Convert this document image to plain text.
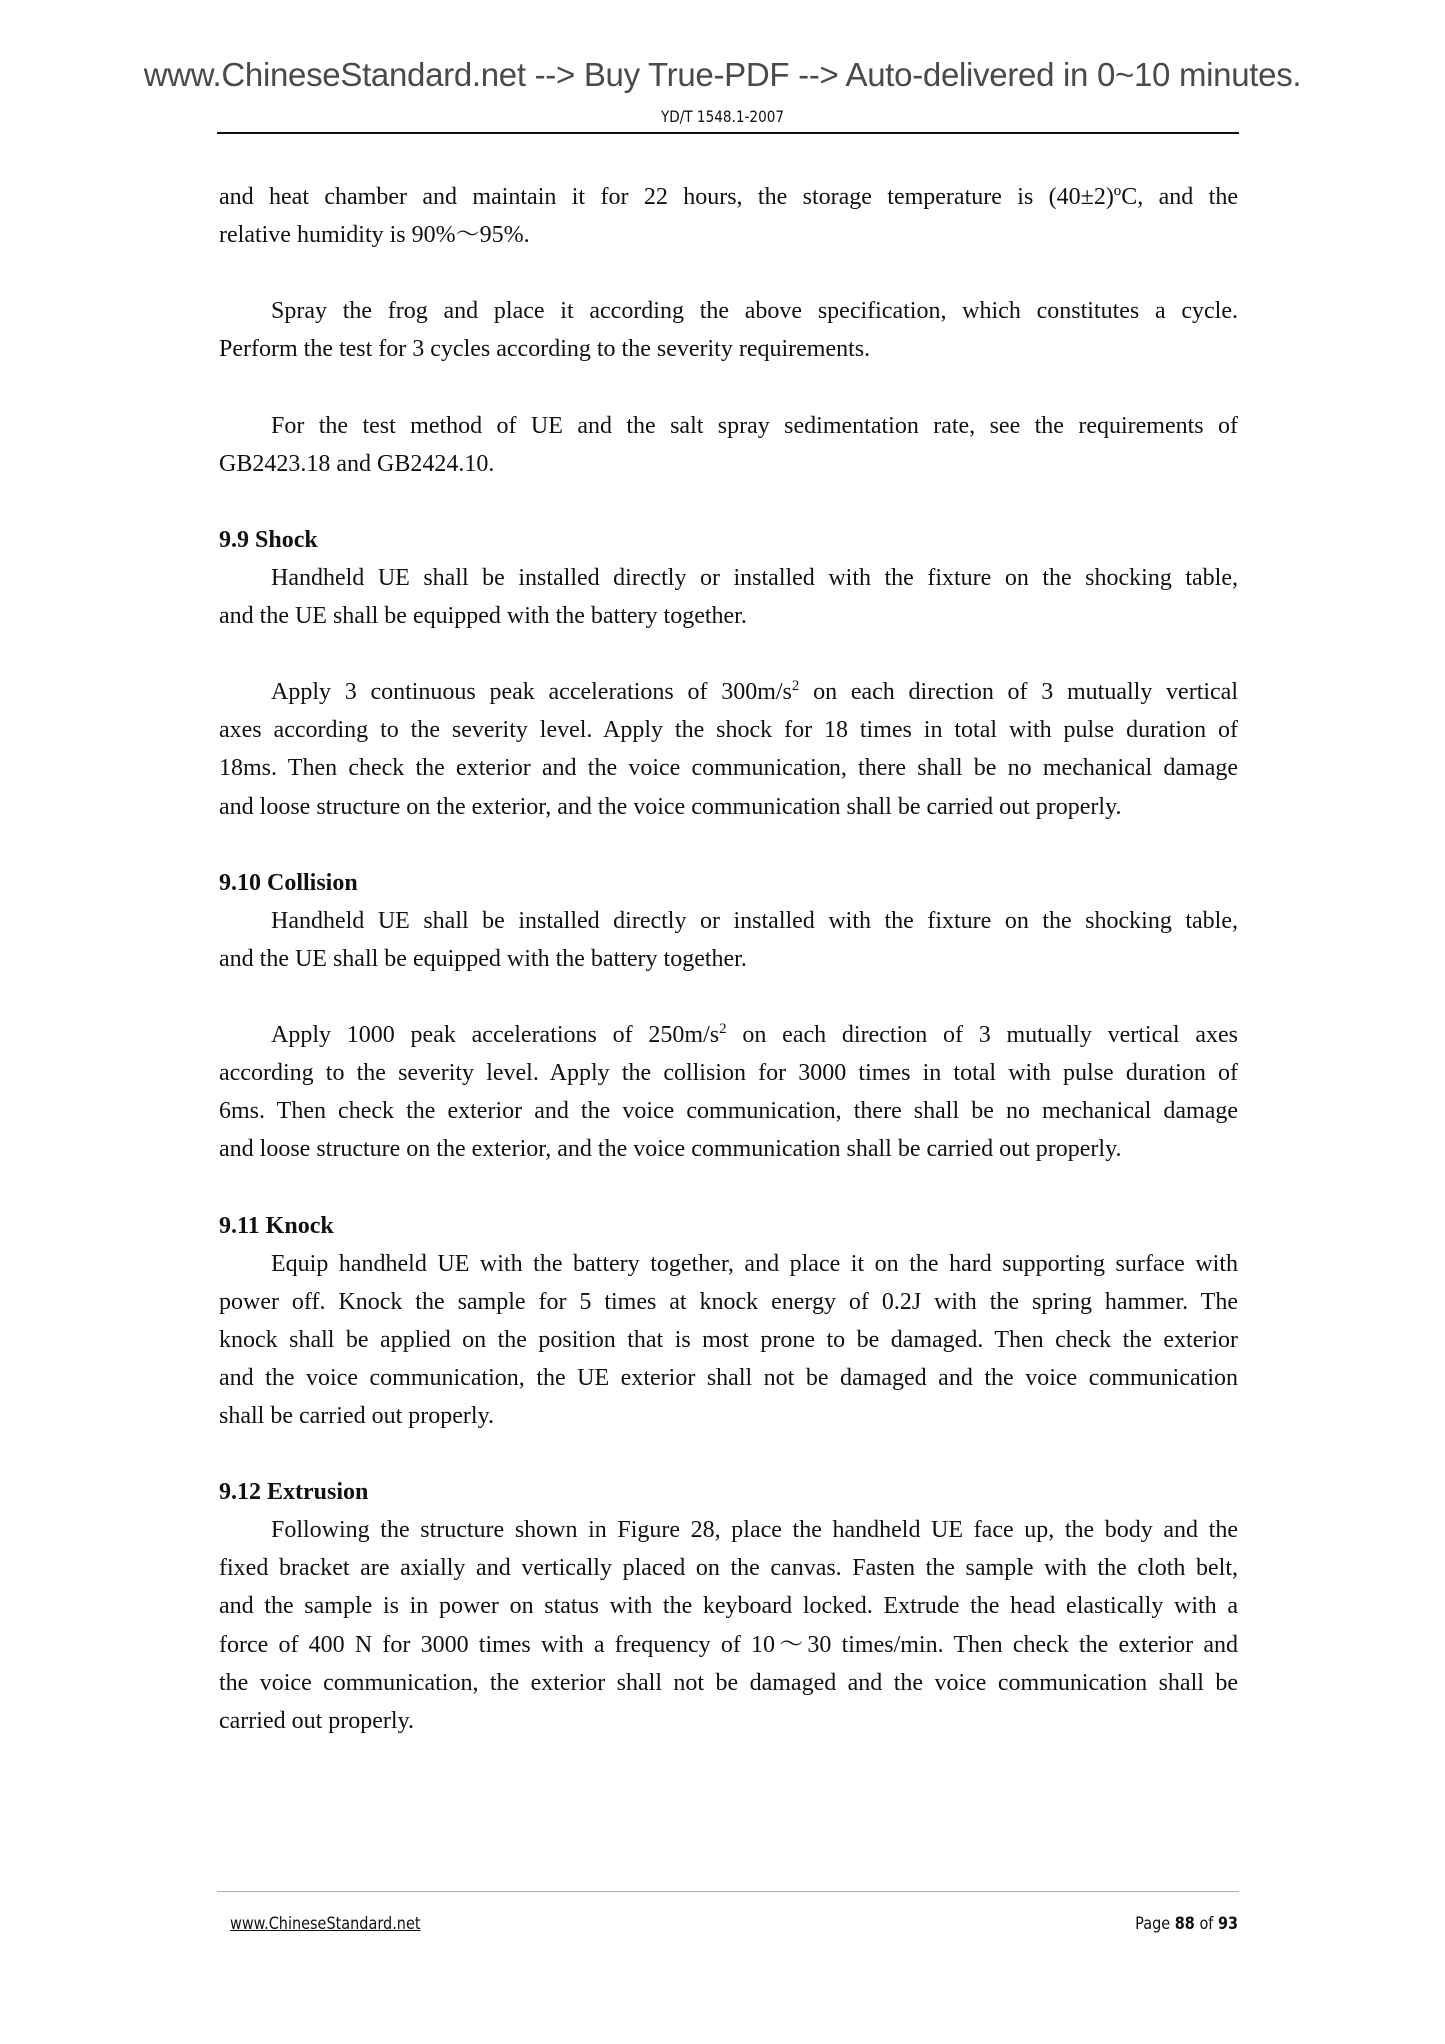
www.ChineseStandard.net --> Buy True-PDF --> Auto-delivered in 0~10 minutes.
YD/T 1548.1-2007
and heat chamber and maintain it for 22 hours, the storage temperature is (40±2)ºC, and the
relative humidity is 90%～95%.
Spray the frog and place it according the above specification, which constitutes a cycle.
Perform the test for 3 cycles according to the severity requirements.
For the test method of UE and the salt spray sedimentation rate, see the requirements of
GB2423.18 and GB2424.10.
9.9 Shock
Handheld UE shall be installed directly or installed with the fixture on the shocking table,
and the UE shall be equipped with the battery together.
Apply 3 continuous peak accelerations of $300m/s^2$ on each direction of 3 mutually vertical
axes according to the severity level. Apply the shock for 18 times in total with pulse duration of
18ms. Then check the exterior and the voice communication, there shall be no mechanical damage
and loose structure on the exterior, and the voice communication shall be carried out properly.
9.10 Collision
Handheld UE shall be installed directly or installed with the fixture on the shocking table,
and the UE shall be equipped with the battery together.
Apply 1000 peak accelerations of $250m/s^2$ on each direction of 3 mutually vertical axes
according to the severity level. Apply the collision for 3000 times in total with pulse duration of
6ms. Then check the exterior and the voice communication, there shall be no mechanical damage
and loose structure on the exterior, and the voice communication shall be carried out properly.
9.11 Knock
Equip handheld UE with the battery together, and place it on the hard supporting surface with
power off. Knock the sample for 5 times at knock energy of 0.2J with the spring hammer. The
knock shall be applied on the position that is most prone to be damaged. Then check the exterior
and the voice communication, the UE exterior shall not be damaged and the voice communication
shall be carried out properly.
9.12 Extrusion
Following the structure shown in Figure 28, place the handheld UE face up, the body and the
fixed bracket are axially and vertically placed on the canvas. Fasten the sample with the cloth belt,
and the sample is in power on status with the keyboard locked. Extrude the head elastically with a
force of 400 N for 3000 times with a frequency of 10～30 times/min. Then check the exterior and
the voice communication, the exterior shall not be damaged and the voice communication shall be
carried out properly.
www.ChineseStandard.net	Page 88 of 93
